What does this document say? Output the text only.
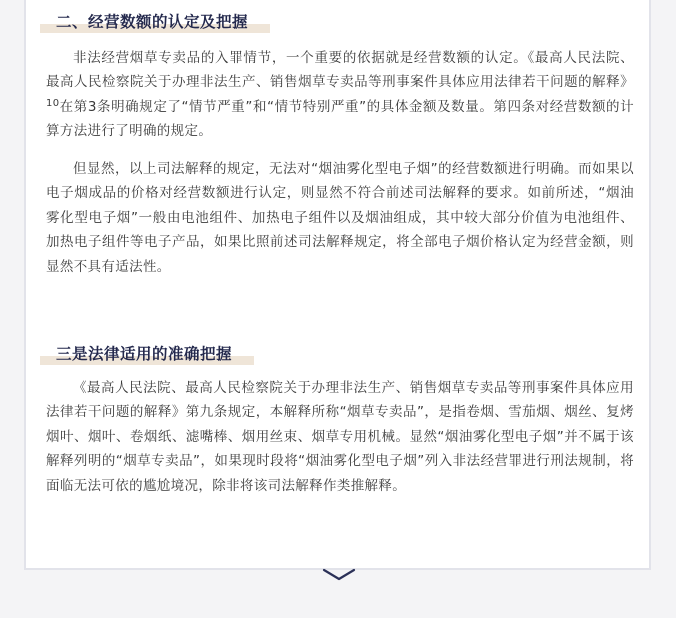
二、经营数额的认定及把握

非法经营烟草专卖品的入罪情节，一个重要的依据就是经营数额的认定。《最高人民法院、最高人民检察院关于办理非法生产、销售烟草专卖品等刑事案件具体应用法律若干问题的解释》$^{10}$在第3条明确规定了“情节严重”和“情节特别严重”的具体金额及数量。第四条对经营数额的计算方法进行了明确的规定。

但显然，以上司法解释的规定，无法对“烟油雾化型电子烟”的经营数额进行明确。而如果以电子烟成品的价格对经营数额进行认定，则显然不符合前述司法解释的要求。如前所述，“烟油雾化型电子烟”一般由电池组件、加热电子组件以及烟油组成，其中较大部分价值为电池组件、加热电子组件等电子产品，如果比照前述司法解释规定，将全部电子烟价格认定为经营金额，则显然不具有适法性。

三是法律适用的准确把握

《最高人民法院、最高人民检察院关于办理非法生产、销售烟草专卖品等刑事案件具体应用法律若干问题的解释》第九条规定，本解释所称“烟草专卖品”，是指卷烟、雪茄烟、烟丝、复烤烟叶、烟叶、卷烟纸、滤嘴棒、烟用丝束、烟草专用机械。显然“烟油雾化型电子烟”并不属于该解释列明的“烟草专卖品”，如果现时段将“烟油雾化型电子烟”列入非法经营罪进行刑法规制，将面临无法可依的尴尬境况，除非将该司法解释作类推解释。
